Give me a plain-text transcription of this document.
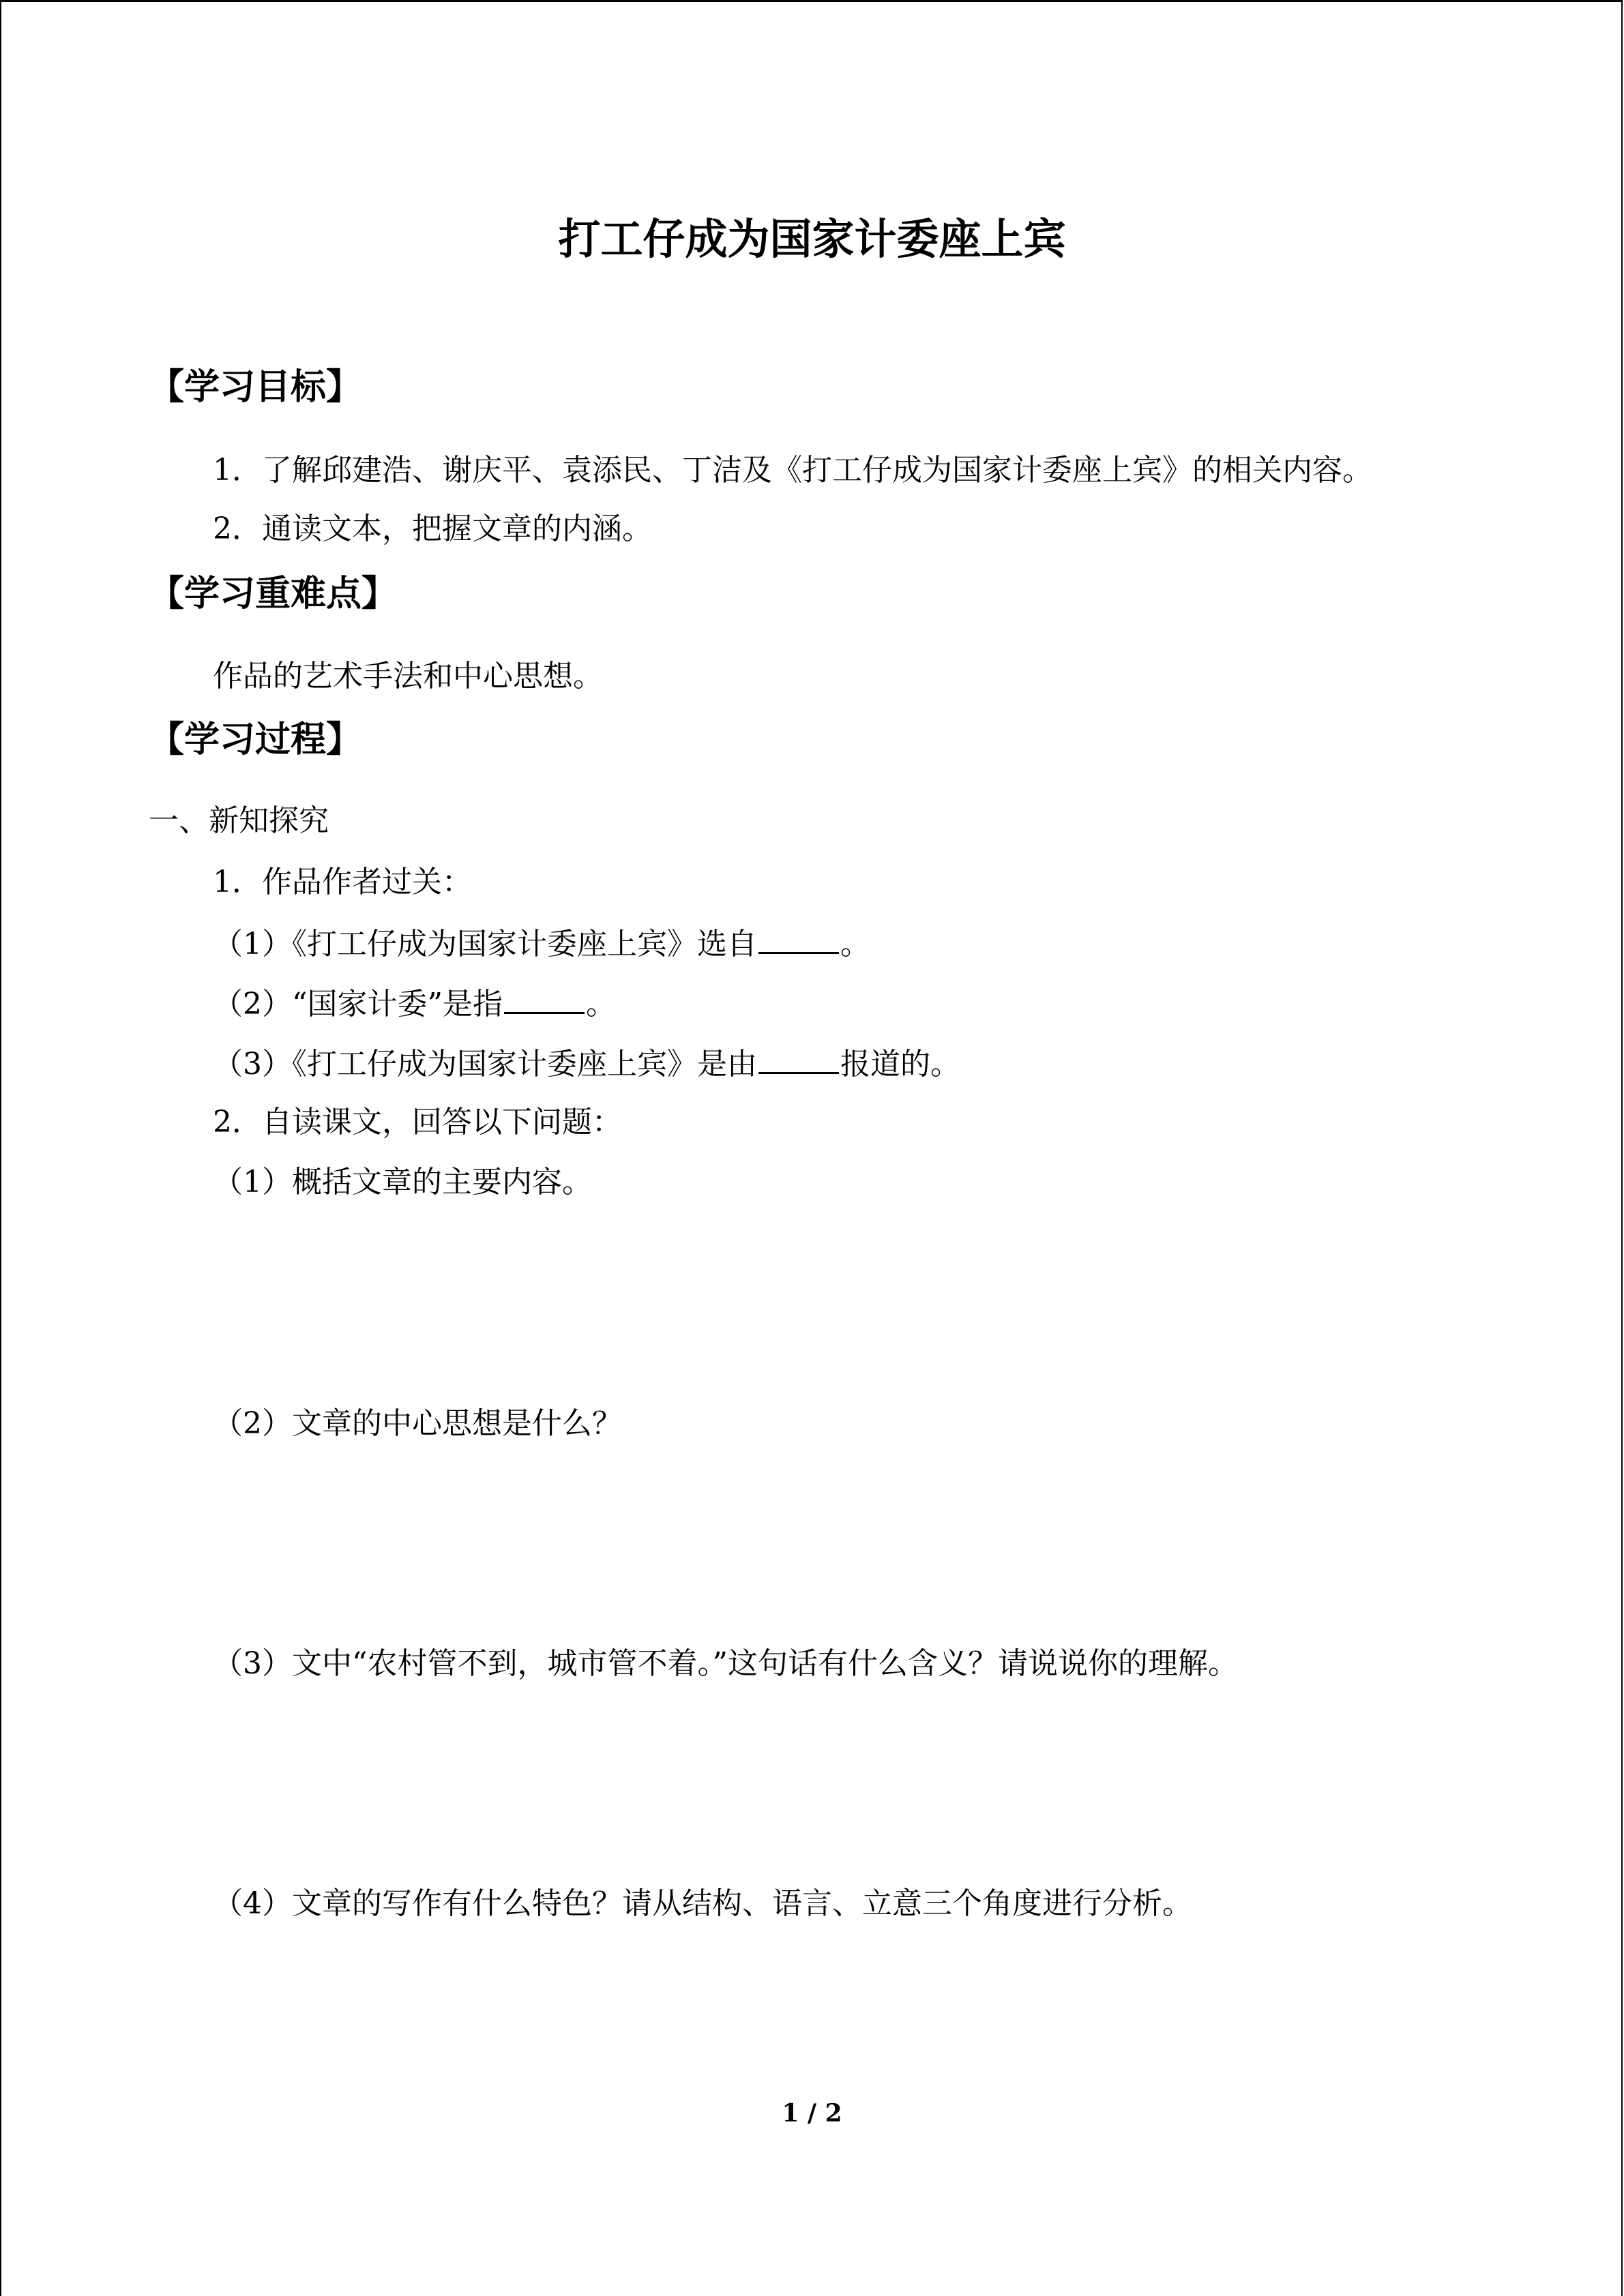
打工仔成为国家计委座上宾
【学习目标】
1．了解邱建浩、谢庆平、袁添民、丁洁及《打工仔成为国家计委座上宾》的相关内容。
2．通读文本，把握文章的内涵。
【学习重难点】
作品的艺术手法和中心思想。
【学习过程】
一、新知探究
1．作品作者过关：
（1）《打工仔成为国家计委座上宾》选自	。
（2）“国家计委”是指	。
（3）《打工仔成为国家计委座上宾》是由	报道的。
2．自读课文，回答以下问题：
（1）概括文章的主要内容。
（2）文章的中心思想是什么？
（3）文中“农村管不到，城市管不着。”这句话有什么含义？请说说你的理解。
（4）文章的写作有什么特色？请从结构、语言、立意三个角度进行分析。
1 / 2
